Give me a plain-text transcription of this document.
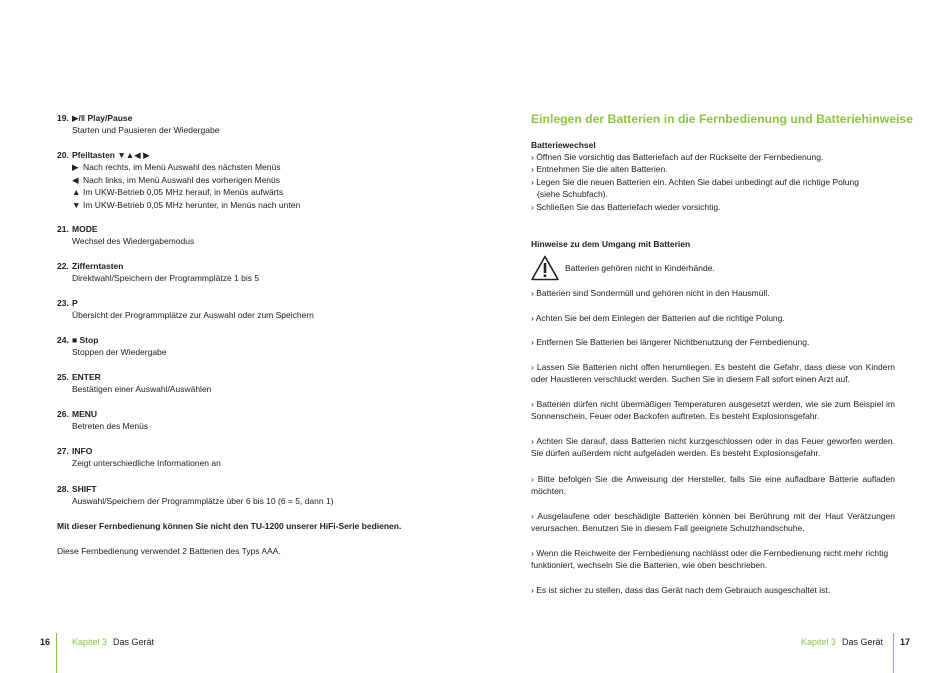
19. ▶/ǁ Play/Pause
Starten und Pausieren der Wiedergabe
20. Pfeiltasten ▼▲◀ ▶
▶ Nach rechts, im Menü Auswahl des nächsten Menüs
◀ Nach links, im Menü Auswahl des vorherigen Menüs
▲ Im UKW-Betrieb 0,05 MHz herauf, in Menüs aufwärts
▼ Im UKW-Betrieb 0,05 MHz herunter, in Menüs nach unten
21. MODE
Wechsel des Wiedergabemodus
22. Zifferntasten
Direktwahl/Speichern der Programmplätze 1 bis 5
23. P
Übersicht der Programmplätze zur Auswahl oder zum Speichern
24. ■ Stop
Stoppen der Wiedergabe
25. ENTER
Bestätigen einer Auswahl/Auswählen
26. MENU
Betreten des Menüs
27. INFO
Zeigt unterschiedliche Informationen an
28. SHIFT
Auswahl/Speichern der Programmplätze über 6 bis 10 (6 = 5, dann 1)
Mit dieser Fernbedienung können Sie nicht den TU-1200 unserer HiFi-Serie bedienen.
Diese Fernbedienung verwendet 2 Batterien des Typs AAA.
16 Kapitel 3 Das Gerät
Einlegen der Batterien in die Fernbedienung und Batteriehinweise
Batteriewechsel
› Öffnen Sie vorsichtig das Batteriefach auf der Rückseite der Fernbedienung.
› Entnehmen Sie die alten Batterien.
› Legen Sie die neuen Batterien ein. Achten Sie dabei unbedingt auf die richtige Polung
(siehe Schubfach).
› Schließen Sie das Batteriefach wieder vorsichtig.
Hinweise zu dem Umgang mit Batterien
Batterien gehören nicht in Kinderhände.
› Batterien sind Sondermüll und gehören nicht in den Hausmüll.
› Achten Sie bei dem Einlegen der Batterien auf die richtige Polung.
› Entfernen Sie Batterien bei längerer Nichtbenutzung der Fernbedienung.
› Lassen Sie Batterien nicht offen herumliegen. Es besteht die Gefahr, dass diese von Kindern oder Haustieren verschluckt werden. Suchen Sie in diesem Fall sofort einen Arzt auf.
› Batterien dürfen nicht übermäßigen Temperaturen ausgesetzt werden, wie sie zum Beispiel im Sonnenschein, Feuer oder Backofen auftreten. Es besteht Explosionsgefahr.
› Achten Sie darauf, dass Batterien nicht kurzgeschlossen oder in das Feuer geworfen werden. Sie dürfen außerdem nicht aufgeladen werden. Es besteht Explosionsgefahr.
› Bitte befolgen Sie die Anweisung der Hersteller, falls Sie eine aufladbare Batterie aufladen möchten.
› Ausgelaufene oder beschädigte Batterien können bei Berührung mit der Haut Verätzungen verursachen. Benutzen Sie in diesem Fall geeignete Schutzhandschuhe.
› Wenn die Reichweite der Fernbedienung nachlässt oder die Fernbedienung nicht mehr richtig funktioniert, wechseln Sie die Batterien, wie oben beschrieben.
› Es ist sicher zu stellen, dass das Gerät nach dem Gebrauch ausgeschaltet ist.
Kapitel 3 Das Gerät 17
